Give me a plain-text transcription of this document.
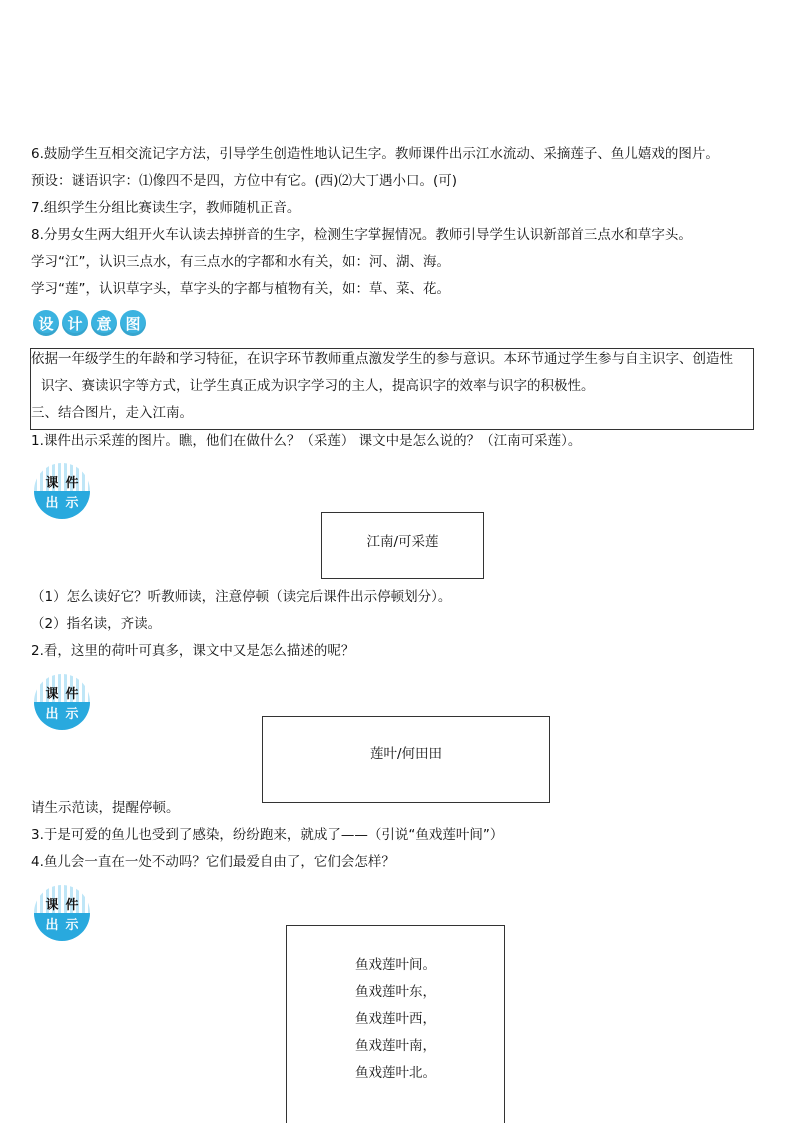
6.鼓励学生互相交流记字方法，引导学生创造性地认记生字。教师课件出示江水流动、采摘莲子、鱼儿嬉戏的图片。
预设：谜语识字：⑴像四不是四，方位中有它。(西)⑵大丁遇小口。(可)
7.组织学生分组比赛读生字，教师随机正音。
8.分男女生两大组开火车认读去掉拼音的生字，检测生字掌握情况。教师引导学生认识新部首三点水和草字头。
学习“江”，认识三点水，有三点水的字都和水有关，如：河、湖、海。
学习“莲”，认识草字头，草字头的字都与植物有关，如：草、菜、花。
设 计 意 图
依据一年级学生的年龄和学习特征，在识字环节教师重点激发学生的参与意识。本环节通过学生参与自主识字、创造性
识字、赛读识字等方式，让学生真正成为识字学习的主人，提高识字的效率与识字的积极性。
三、结合图片，走入江南。
1.课件出示采莲的图片。瞧，他们在做什么？（采莲） 课文中是怎么说的？（江南可采莲）。
课 件
出 示
江南/可采莲
（1）怎么读好它？听教师读，注意停顿（读完后课件出示停顿划分）。
（2）指名读，齐读。
2.看，这里的荷叶可真多，课文中又是怎么描述的呢？
课 件
出 示
莲叶/何田田
请生示范读，提醒停顿。
3.于是可爱的鱼儿也受到了感染，纷纷跑来，就成了——（引说“鱼戏莲叶间”）
4.鱼儿会一直在一处不动吗？它们最爱自由了，它们会怎样？
课 件
出 示
鱼戏莲叶间。
鱼戏莲叶东，
鱼戏莲叶西，
鱼戏莲叶南，
鱼戏莲叶北。
